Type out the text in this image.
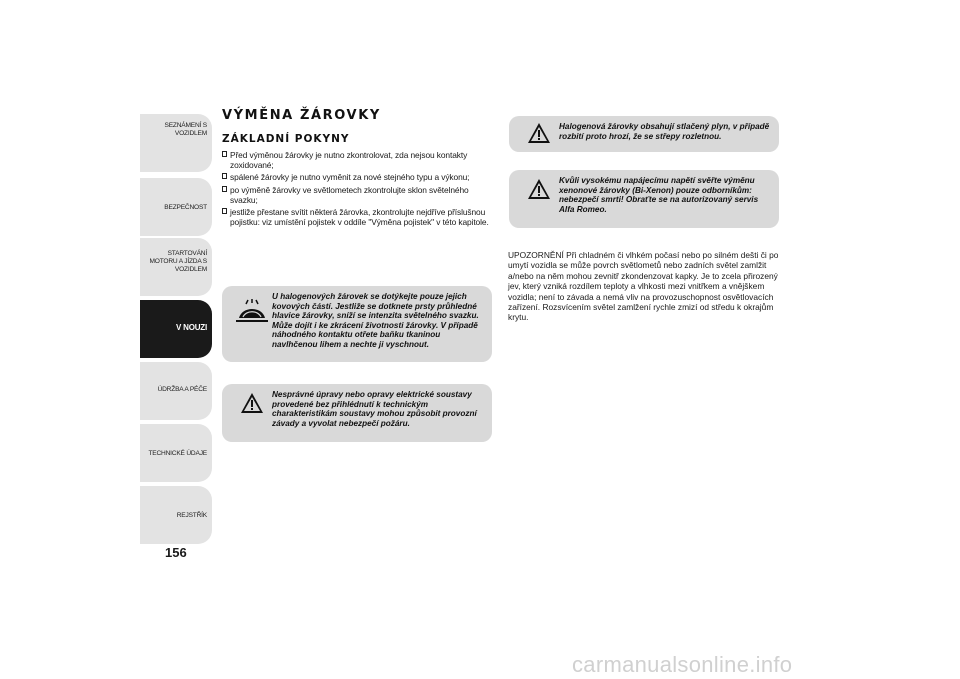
SEZNÁMENÍ S VOZIDLEM
BEZPEČNOST
STARTOVÁNÍ MOTORU A JÍZDA S VOZIDLEM
V NOUZI
ÚDRŽBA A PÉČE
TECHNICKÉ ÚDAJE
REJSTŘÍK
156
VÝMĚNA ŽÁROVKY
ZÁKLADNÍ POKYNY
Před výměnou žárovky je nutno zkontrolovat, zda nejsou kontakty zoxidované;
spálené žárovky je nutno vyměnit za nové stejného typu a výkonu;
po výměně žárovky ve světlometech zkontrolujte sklon světelného svazku;
jestliže přestane svítit některá žárovka, zkontrolujte nejdříve příslušnou pojistku: viz umístění pojistek v oddíle "Výměna pojistek" v této kapitole.
U halogenových žárovek se dotýkejte pouze jejich kovových částí. Jestliže se dotknete prsty průhledné hlavice žárovky, sníží se intenzita světelného svazku. Může dojít i ke zkrácení životnosti žárovky. V případě náhodného kontaktu otřete baňku tkaninou navlhčenou lihem a nechte ji vyschnout.
Nesprávné úpravy nebo opravy elektrické soustavy provedené bez přihlédnutí k technickým charakteristikám soustavy mohou způsobit provozní závady a vyvolat nebezpečí požáru.
Halogenová žárovky obsahují stlačený plyn, v případě rozbití proto hrozí, že se střepy rozletnou.
Kvůli vysokému napájecímu napětí svěřte výměnu xenonové žárovky (Bi-Xenon) pouze odborníkům: nebezpečí smrti! Obraťte se na autorizovaný servis Alfa Romeo.
UPOZORNĚNÍ Při chladném či vlhkém počasí nebo po silném dešti či po umytí vozidla se může povrch světlometů nebo zadních světel zamlžit a/nebo na něm mohou zevnitř zkondenzovat kapky. Je to zcela přirozený jev, který vzniká rozdílem teploty a vlhkosti mezi vnitřkem a vnějškem vozidla; není to závada a nemá vliv na provozuschopnost osvětlovacích zařízení. Rozsvícením světel zamlžení rychle zmizí od středu k okrajům krytu.
carmanualsonline.info
